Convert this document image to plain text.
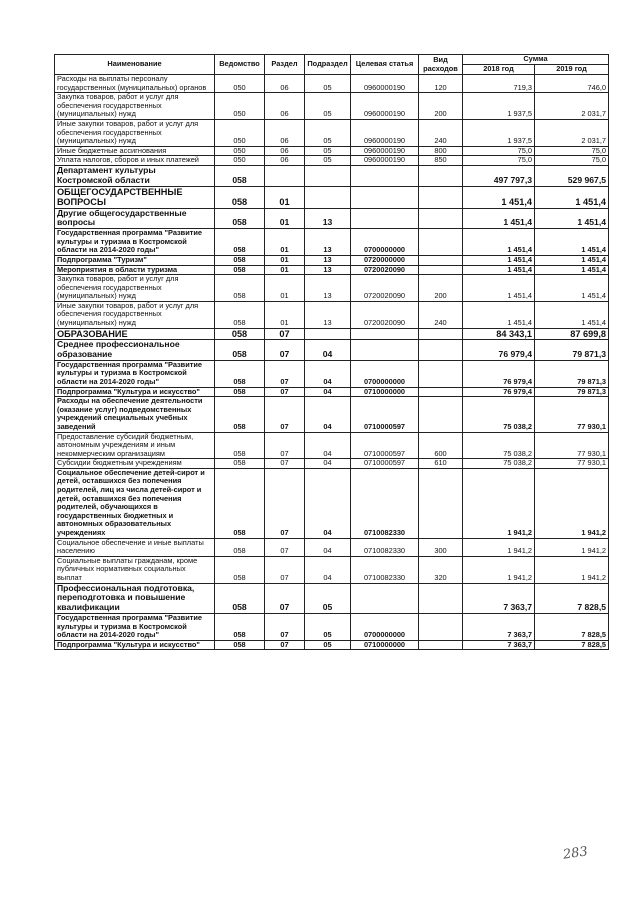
Наименование	Ведомство	Раздел	Подраздел	Целевая статья	Вид расходов	Сумма	
						2018 год	2019 год
Расходы на выплаты персоналу государственных (муниципальных) органов	050	06	05	0960000190	120	719,3	746,0
Закупка товаров, работ и услуг для обеспечения государственных (муниципальных) нужд	050	06	05	0960000190	200	1 937,5	2 031,7
Иные закупки товаров, работ и услуг для обеспечения государственных (муниципальных) нужд	050	06	05	0960000190	240	1 937,5	2 031,7
Иные бюджетные ассигнования	050	06	05	0960000190	800	75,0	75,0
Уплата налогов, сборов и иных платежей	050	06	05	0960000190	850	75,0	75,0
Департамент культуры Костромской области	058					497 797,3	529 967,5
ОБЩЕГОСУДАРСТВЕННЫЕ ВОПРОСЫ	058	01				1 451,4	1 451,4
Другие общегосударственные вопросы	058	01	13			1 451,4	1 451,4
Государственная программа "Развитие культуры и туризма в Костромской области на 2014-2020 годы"	058	01	13	0700000000		1 451,4	1 451,4
Подпрограмма "Туризм"	058	01	13	0720000000		1 451,4	1 451,4
Мероприятия в области туризма	058	01	13	0720020090		1 451,4	1 451,4
Закупка товаров, работ и услуг для обеспечения государственных (муниципальных) нужд	058	01	13	0720020090	200	1 451,4	1 451,4
Иные закупки товаров, работ и услуг для обеспечения государственных (муниципальных) нужд	058	01	13	0720020090	240	1 451,4	1 451,4
ОБРАЗОВАНИЕ	058	07				84 343,1	87 699,8
Среднее профессиональное образование	058	07	04			76 979,4	79 871,3
Государственная программа "Развитие культуры и туризма в Костромской области на 2014-2020 годы"	058	07	04	0700000000		76 979,4	79 871,3
Подпрограмма "Культура и искусство"	058	07	04	0710000000		76 979,4	79 871,3
Расходы на обеспечение деятельности (оказание услуг) подведомственных учреждений специальных учебных заведений	058	07	04	0710000597		75 038,2	77 930,1
Предоставление субсидий бюджетным, автономным учреждениям и иным некоммерческим организациям	058	07	04	0710000597	600	75 038,2	77 930,1
Субсидии бюджетным учреждениям	058	07	04	0710000597	610	75 038,2	77 930,1
Социальное обеспечение детей-сирот и детей, оставшихся без попечения родителей, лиц из числа детей-сирот и детей, оставшихся без попечения родителей, обучающихся в государственных бюджетных и автономных образовательных учреждениях	058	07	04	0710082330		1 941,2	1 941,2
Социальное обеспечение и иные выплаты населению	058	07	04	0710082330	300	1 941,2	1 941,2
Социальные выплаты гражданам, кроме публичных нормативных социальных выплат	058	07	04	0710082330	320	1 941,2	1 941,2
Профессиональная подготовка, переподготовка и повышение квалификации	058	07	05			7 363,7	7 828,5
Государственная программа "Развитие культуры и туризма в Костромской области на 2014-2020 годы"	058	07	05	0700000000		7 363,7	7 828,5
Подпрограмма "Культура и искусство"	058	07	05	0710000000		7 363,7	7 828,5
283
